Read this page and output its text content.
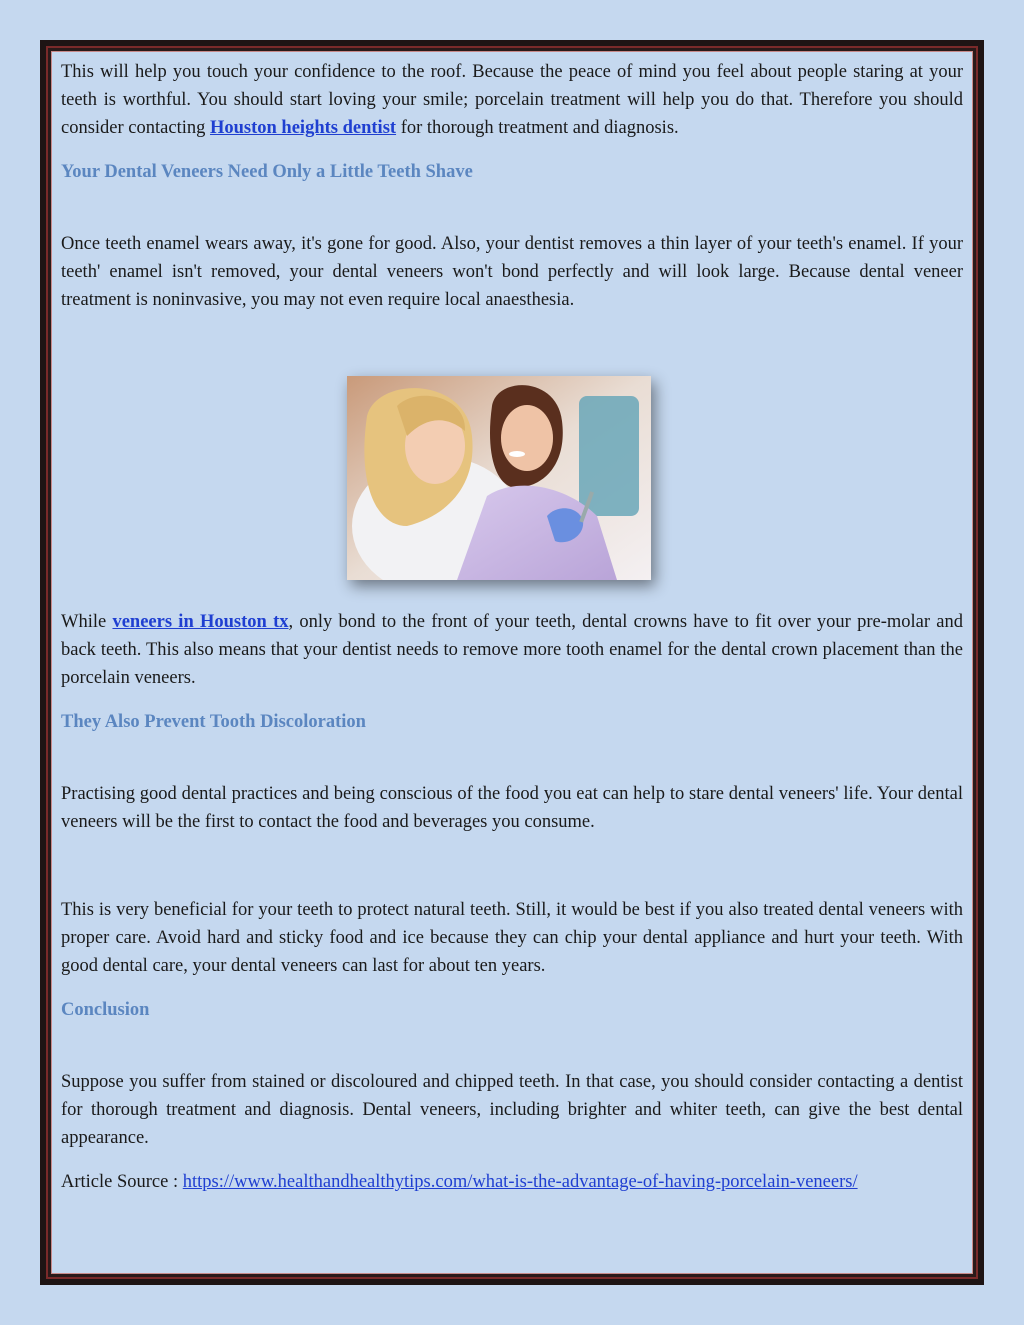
This will help you touch your confidence to the roof. Because the peace of mind you feel about people staring at your teeth is worthful. You should start loving your smile; porcelain treatment will help you do that. Therefore you should consider contacting Houston heights dentist for thorough treatment and diagnosis.

Your Dental Veneers Need Only a Little Teeth Shave

Once teeth enamel wears away, it's gone for good. Also, your dentist removes a thin layer of your teeth's enamel. If your teeth' enamel isn't removed, your dental veneers won't bond perfectly and will look large. Because dental veneer treatment is noninvasive, you may not even require local anaesthesia.

While veneers in Houston tx, only bond to the front of your teeth, dental crowns have to fit over your pre-molar and back teeth. This also means that your dentist needs to remove more tooth enamel for the dental crown placement than the porcelain veneers.

They Also Prevent Tooth Discoloration

Practising good dental practices and being conscious of the food you eat can help to stare dental veneers' life. Your dental veneers will be the first to contact the food and beverages you consume.

This is very beneficial for your teeth to protect natural teeth. Still, it would be best if you also treated dental veneers with proper care. Avoid hard and sticky food and ice because they can chip your dental appliance and hurt your teeth. With good dental care, your dental veneers can last for about ten years.

Conclusion

Suppose you suffer from stained or discoloured and chipped teeth. In that case, you should consider contacting a dentist for thorough treatment and diagnosis. Dental veneers, including brighter and whiter teeth, can give the best dental appearance.

Article Source : https://www.healthandhealthytips.com/what-is-the-advantage-of-having-porcelain-veneers/
